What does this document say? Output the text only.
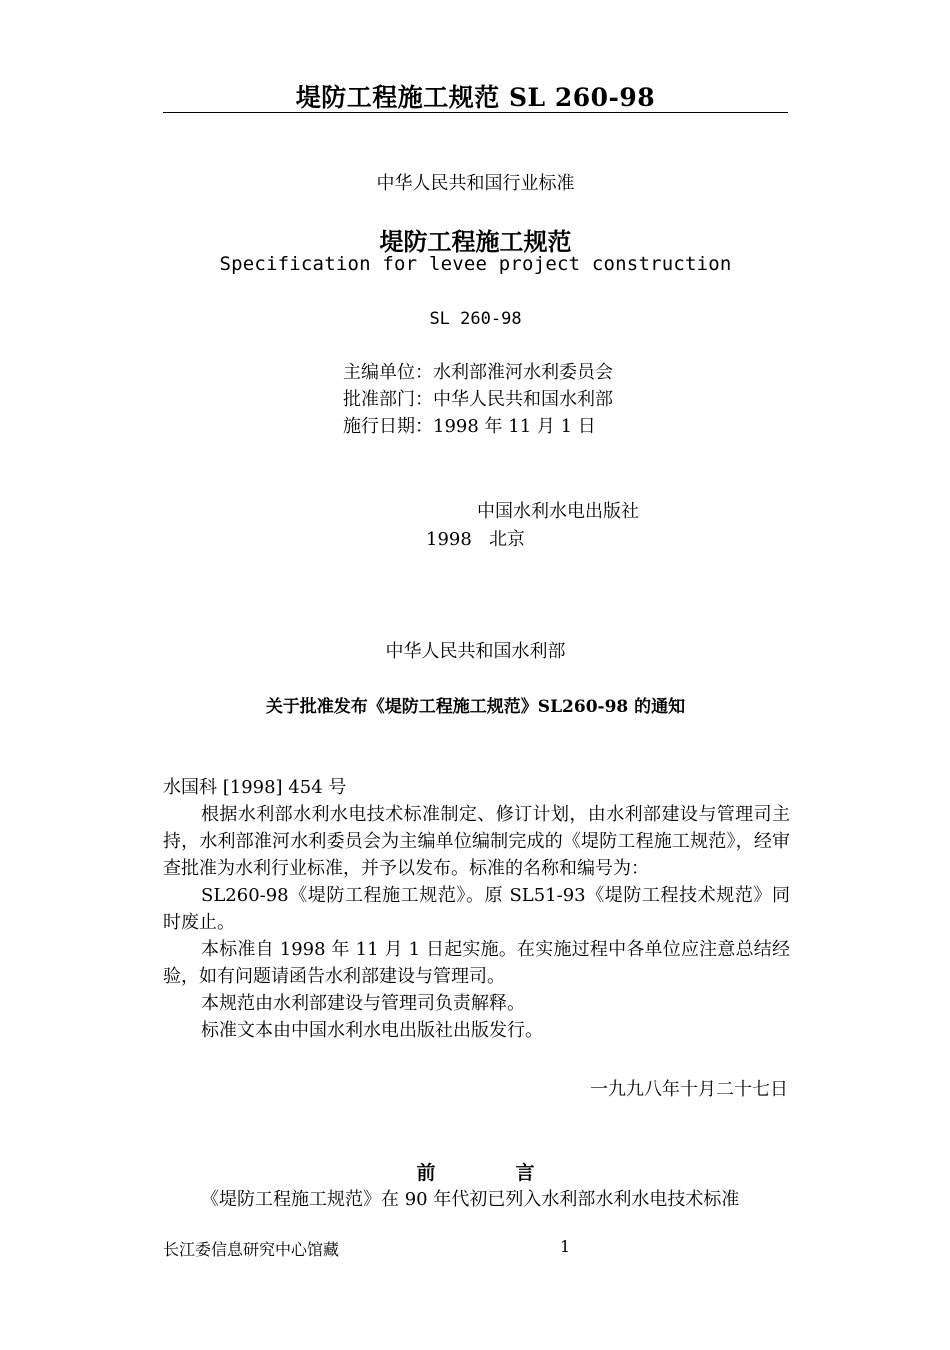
堤防工程施工规范 SL 260-98
中华人民共和国行业标准
堤防工程施工规范
Specification for levee project construction
SL 260-98
主编单位：水利部淮河水利委员会
批准部门：中华人民共和国水利部
施行日期：1998 年 11 月 1 日
中国水利水电出版社
1998   北京
中华人民共和国水利部
关于批准发布《堤防工程施工规范》SL260-98 的通知

水国科 [1998] 454 号

根据水利部水利水电技术标准制定、修订计划，由水利部建设与管理司主持，水利部淮河水利委员会为主编单位编制完成的《堤防工程施工规范》，经审查批准为水利行业标准，并予以发布。标准的名称和编号为：

SL260-98《堤防工程施工规范》。原 SL51-93《堤防工程技术规范》同时废止。

本标准自 1998 年 11 月 1 日起实施。在实施过程中各单位应注意总结经验，如有问题请函告水利部建设与管理司。

本规范由水利部建设与管理司负责解释。

标准文本由中国水利水电出版社出版发行。

一九九八年十月二十七日
前	言
《堤防工程施工规范》在 90 年代初已列入水利部水利水电技术标准
长江委信息研究中心馆藏	1
